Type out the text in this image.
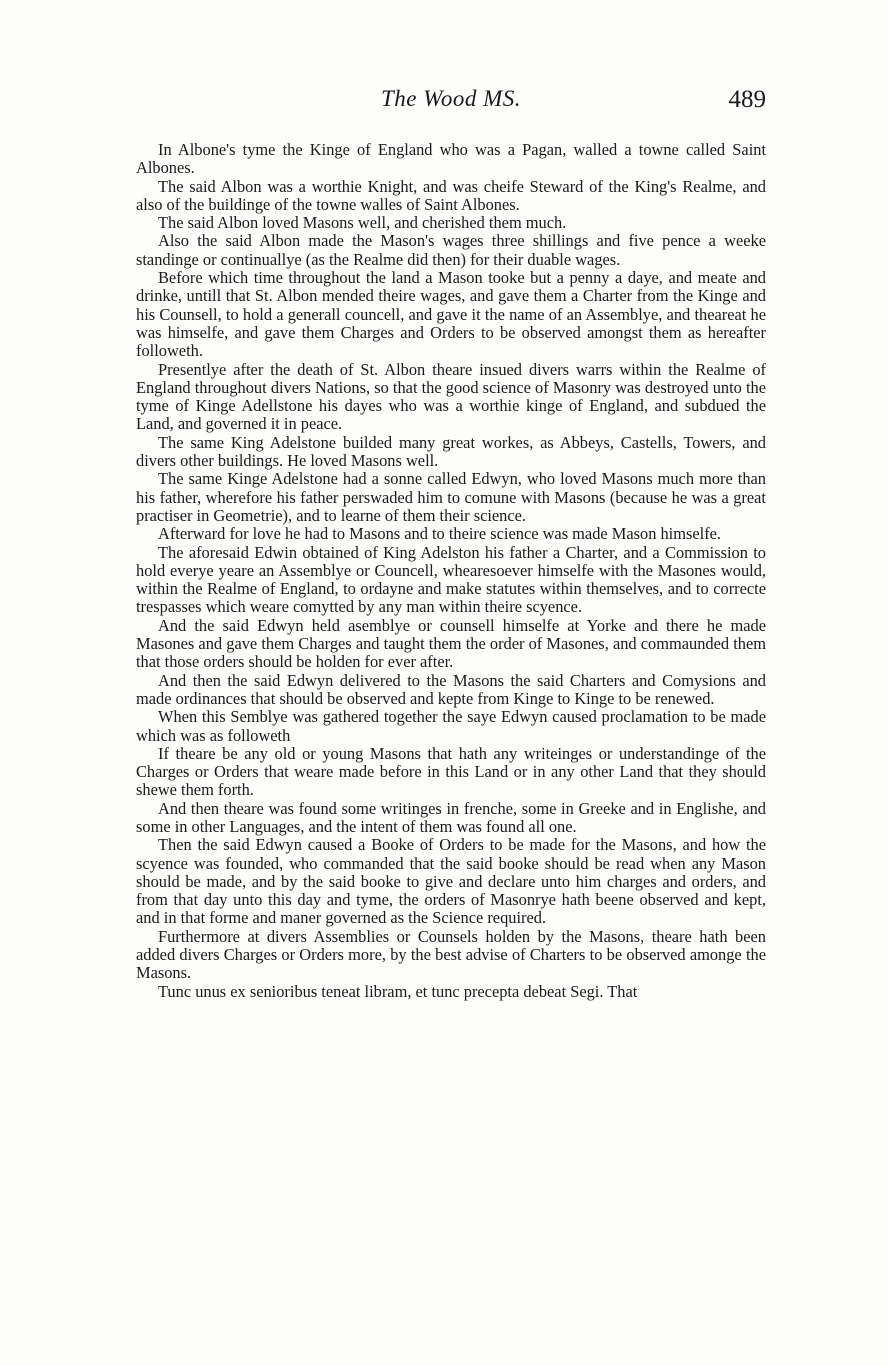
The Wood MS.	489

In Albone's tyme the Kinge of England who was a Pagan, walled a towne called Saint Albones.

The said Albon was a worthie Knight, and was cheife Steward of the King's Realme, and also of the buildinge of the towne walles of Saint Albones.

The said Albon loved Masons well, and cherished them much.

Also the said Albon made the Mason's wages three shillings and five pence a weeke standinge or continuallye (as the Realme did then) for their duable wages.

Before which time throughout the land a Mason tooke but a penny a daye, and meate and drinke, untill that St. Albon mended theire wages, and gave them a Charter from the Kinge and his Counsell, to hold a generall councell, and gave it the name of an Assemblye, and theareat he was himselfe, and gave them Charges and Orders to be observed amongst them as hereafter followeth.

Presentlye after the death of St. Albon theare insued divers warrs within the Realme of England throughout divers Nations, so that the good science of Masonry was destroyed unto the tyme of Kinge Adellstone his dayes who was a worthie kinge of England, and subdued the Land, and governed it in peace.

The same King Adelstone builded many great workes, as Abbeys, Castells, Towers, and divers other buildings. He loved Masons well.

The same Kinge Adelstone had a sonne called Edwyn, who loved Masons much more than his father, wherefore his father perswaded him to comune with Masons (because he was a great practiser in Geometrie), and to learne of them their science.

Afterward for love he had to Masons and to theire science was made Mason himselfe.

The aforesaid Edwin obtained of King Adelston his father a Charter, and a Commission to hold everye yeare an Assemblye or Councell, whearesoever himselfe with the Masones would, within the Realme of England, to ordayne and make statutes within themselves, and to correcte trespasses which weare comytted by any man within theire scyence.

And the said Edwyn held asemblye or counsell himselfe at Yorke and there he made Masones and gave them Charges and taught them the order of Masones, and commaunded them that those orders should be holden for ever after.

And then the said Edwyn delivered to the Masons the said Charters and Comysions and made ordinances that should be observed and kepte from Kinge to Kinge to be renewed.

When this Semblye was gathered together the saye Edwyn caused proclamation to be made which was as followeth

If theare be any old or young Masons that hath any writeinges or understandinge of the Charges or Orders that weare made before in this Land or in any other Land that they should shewe them forth.

And then theare was found some writinges in frenche, some in Greeke and in Englishe, and some in other Languages, and the intent of them was found all one.

Then the said Edwyn caused a Booke of Orders to be made for the Masons, and how the scyence was founded, who commanded that the said booke should be read when any Mason should be made, and by the said booke to give and declare unto him charges and orders, and from that day unto this day and tyme, the orders of Masonrye hath beene observed and kept, and in that forme and maner governed as the Science required.

Furthermore at divers Assemblies or Counsels holden by the Masons, theare hath been added divers Charges or Orders more, by the best advise of Charters to be observed amonge the Masons.

Tunc unus ex senioribus teneat libram, et tunc precepta debeat Segi. That
